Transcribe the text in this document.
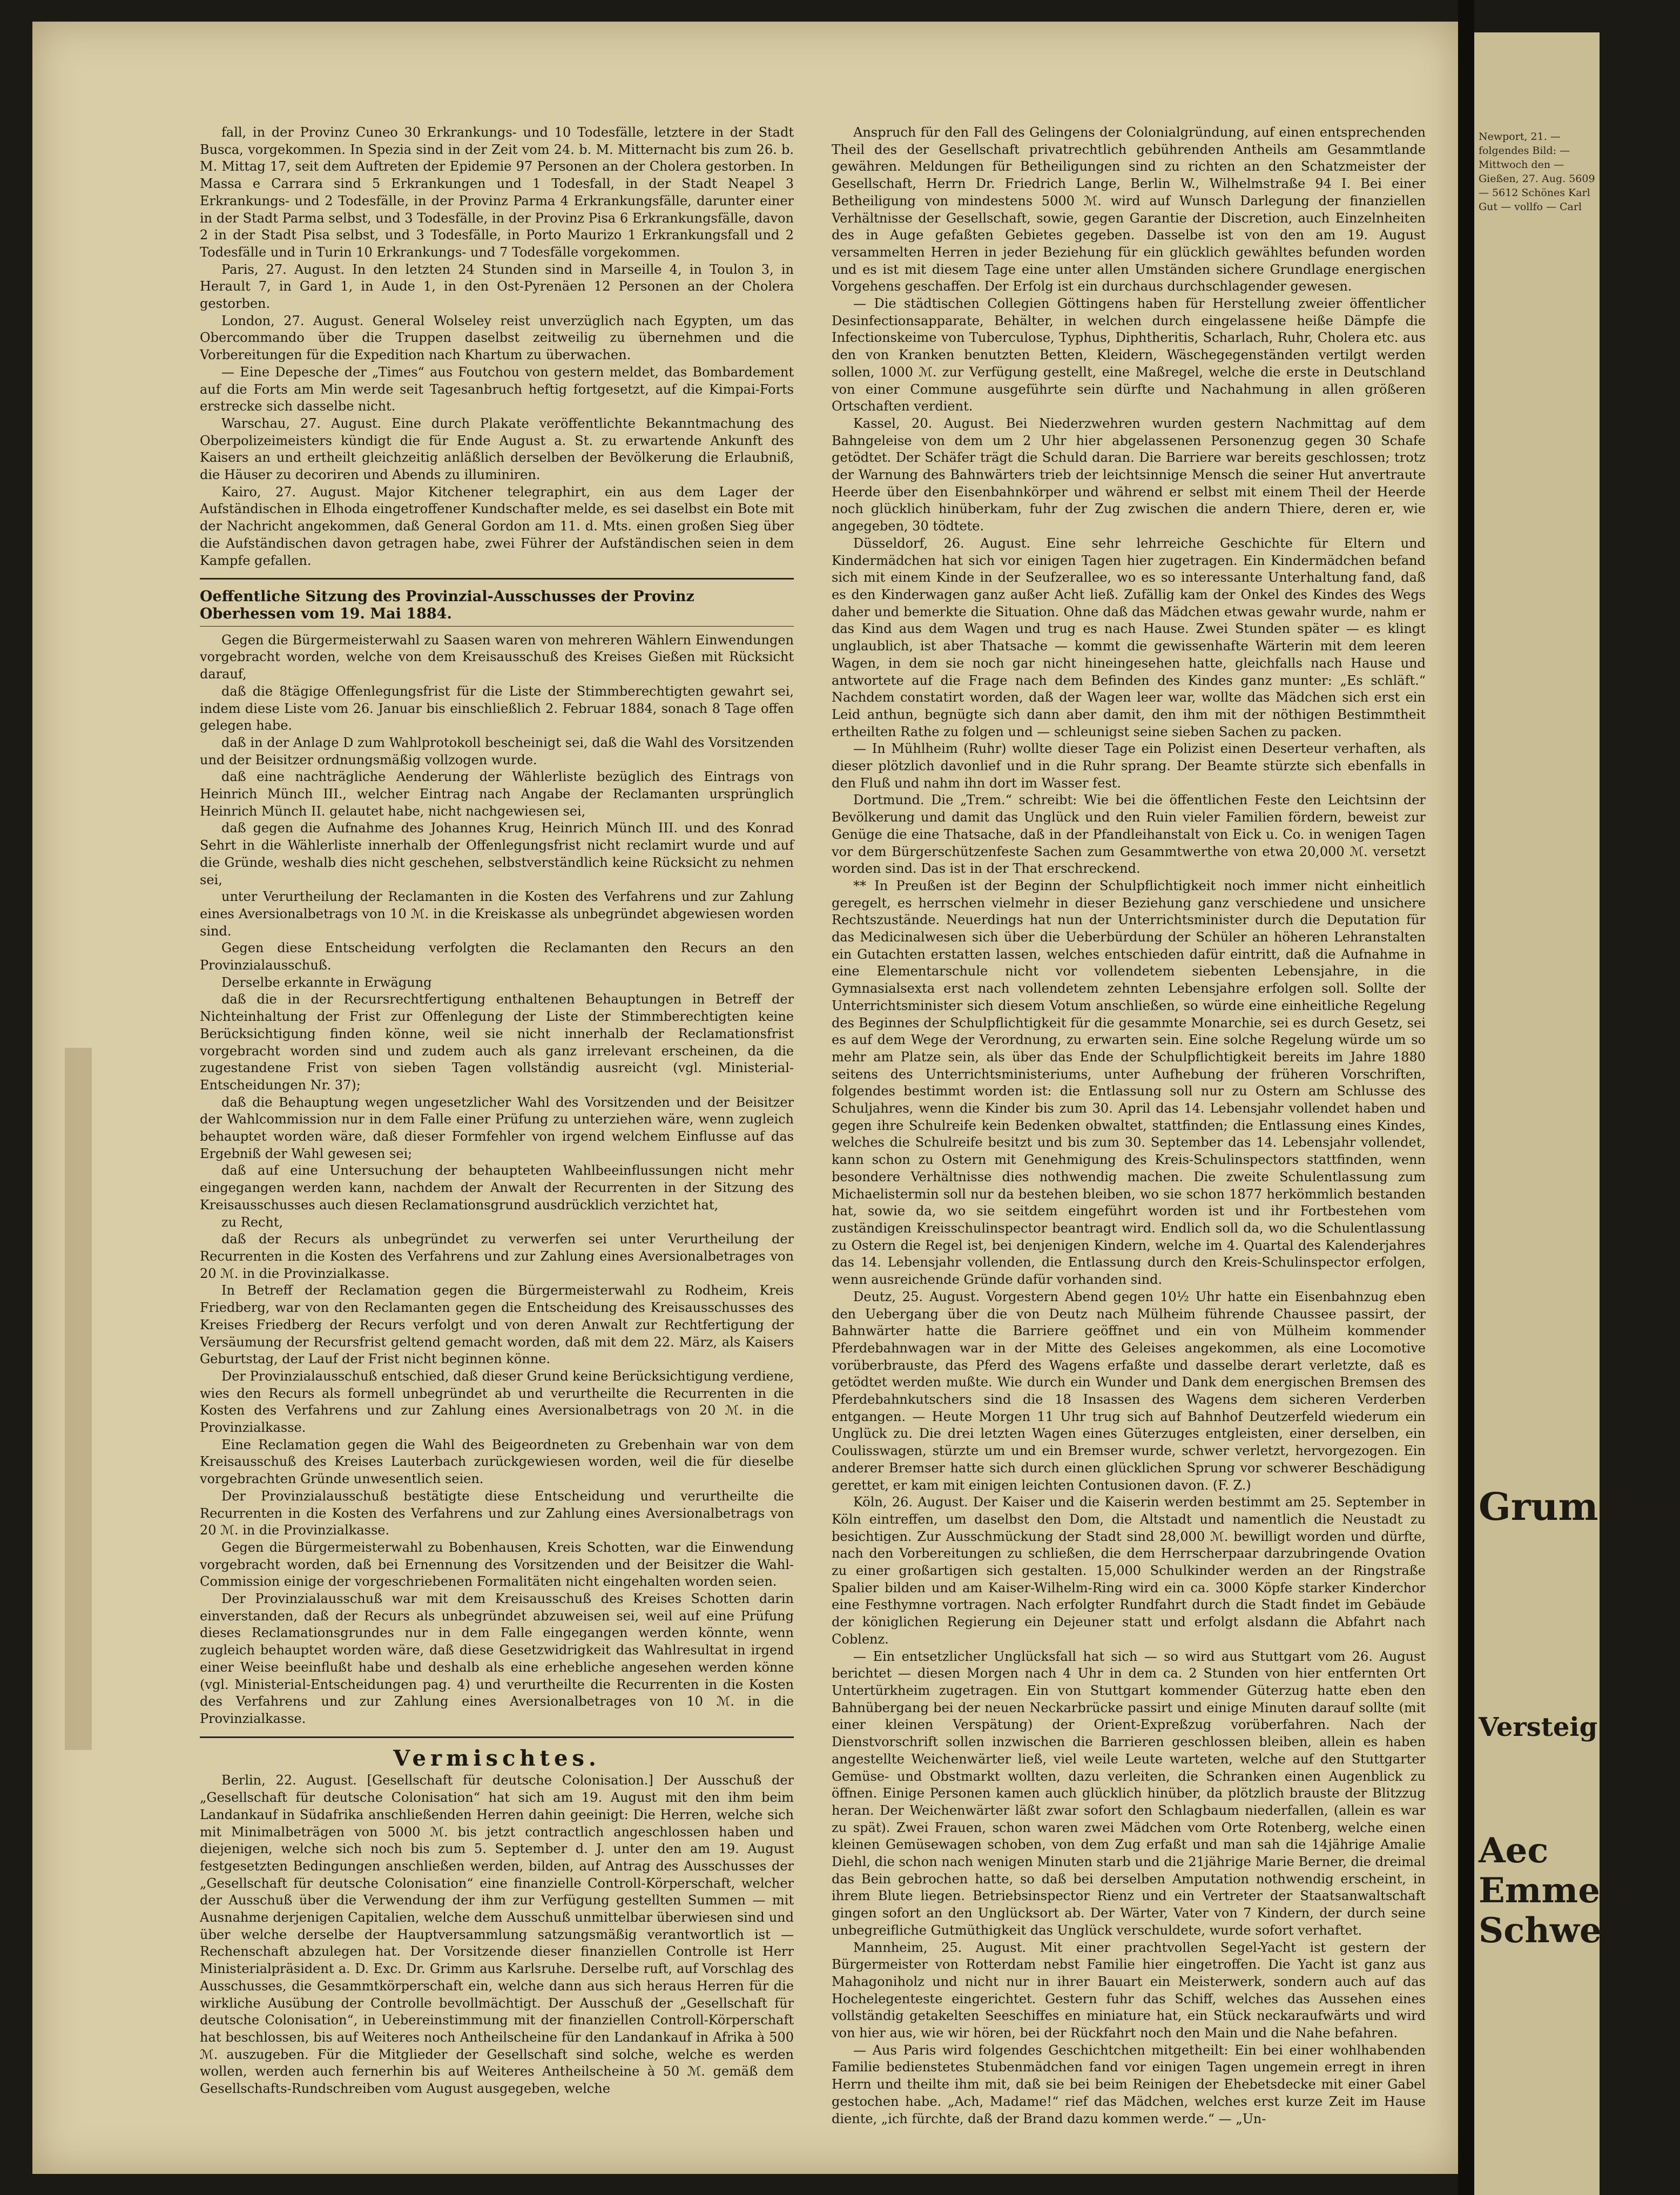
Newport, 21. — folgendes Bild: — Mittwoch den — Gießen, 27. Aug. 5609 — 5612 Schönes Karl Gut — vollfo — Carl
Grummet
Versteig
Aec Emmen Schwei

fall, in der Provinz Cuneo 30 Erkrankungs- und 10 Todesfälle, letztere in der Stadt Busca, vorgekommen. In Spezia sind in der Zeit vom 24. b. M. Mitternacht bis zum 26. b. M. Mittag 17, seit dem Auftreten der Epidemie 97 Personen an der Cholera gestorben. In Massa e Carrara sind 5 Erkrankungen und 1 Todesfall, in der Stadt Neapel 3 Erkrankungs- und 2 Todesfälle, in der Provinz Parma 4 Erkrankungsfälle, darunter einer in der Stadt Parma selbst, und 3 Todesfälle, in der Provinz Pisa 6 Erkrankungsfälle, davon 2 in der Stadt Pisa selbst, und 3 Todesfälle, in Porto Maurizo 1 Erkrankungsfall und 2 Todesfälle und in Turin 10 Erkrankungs- und 7 Todesfälle vorgekommen.

Paris, 27. August. In den letzten 24 Stunden sind in Marseille 4, in Toulon 3, in Herault 7, in Gard 1, in Aude 1, in den Ost-Pyrenäen 12 Personen an der Cholera gestorben.

London, 27. August. General Wolseley reist unverzüglich nach Egypten, um das Obercommando über die Truppen daselbst zeitweilig zu übernehmen und die Vorbereitungen für die Expedition nach Khartum zu überwachen.

— Eine Depesche der „Times“ aus Foutchou von gestern meldet, das Bombardement auf die Forts am Min werde seit Tagesanbruch heftig fortgesetzt, auf die Kimpai-Forts erstrecke sich dasselbe nicht.

Warschau, 27. August. Eine durch Plakate veröffentlichte Bekanntmachung des Oberpolizeimeisters kündigt die für Ende August a. St. zu erwartende Ankunft des Kaisers an und ertheilt gleichzeitig anläßlich derselben der Bevölkerung die Erlaubniß, die Häuser zu decoriren und Abends zu illuminiren.

Kairo, 27. August. Major Kitchener telegraphirt, ein aus dem Lager der Aufständischen in Elhoda eingetroffener Kundschafter melde, es sei daselbst ein Bote mit der Nachricht angekommen, daß General Gordon am 11. d. Mts. einen großen Sieg über die Aufständischen davon getragen habe, zwei Führer der Aufständischen seien in dem Kampfe gefallen.

Oeffentliche Sitzung des Provinzial-Ausschusses der Provinz Oberhessen vom 19. Mai 1884.

Gegen die Bürgermeisterwahl zu Saasen waren von mehreren Wählern Einwendungen vorgebracht worden, welche von dem Kreisausschuß des Kreises Gießen mit Rücksicht darauf,

daß die 8tägige Offenlegungsfrist für die Liste der Stimmberechtigten gewahrt sei, indem diese Liste vom 26. Januar bis einschließlich 2. Februar 1884, sonach 8 Tage offen gelegen habe.

daß in der Anlage D zum Wahlprotokoll bescheinigt sei, daß die Wahl des Vorsitzenden und der Beisitzer ordnungsmäßig vollzogen wurde.

daß eine nachträgliche Aenderung der Wählerliste bezüglich des Eintrags von Heinrich Münch III., welcher Eintrag nach Angabe der Reclamanten ursprünglich Heinrich Münch II. gelautet habe, nicht nachgewiesen sei,

daß gegen die Aufnahme des Johannes Krug, Heinrich Münch III. und des Konrad Sehrt in die Wählerliste innerhalb der Offenlegungsfrist nicht reclamirt wurde und auf die Gründe, weshalb dies nicht geschehen, selbstverständlich keine Rücksicht zu nehmen sei,

unter Verurtheilung der Reclamanten in die Kosten des Verfahrens und zur Zahlung eines Aversionalbetrags von 10 ℳ. in die Kreiskasse als unbegründet abgewiesen worden sind.

Gegen diese Entscheidung verfolgten die Reclamanten den Recurs an den Provinzialausschuß.

Derselbe erkannte in Erwägung

daß die in der Recursrechtfertigung enthaltenen Behauptungen in Betreff der Nichteinhaltung der Frist zur Offenlegung der Liste der Stimmberechtigten keine Berücksichtigung finden könne, weil sie nicht innerhalb der Reclamationsfrist vorgebracht worden sind und zudem auch als ganz irrelevant erscheinen, da die zugestandene Frist von sieben Tagen vollständig ausreicht (vgl. Ministerial-Entscheidungen Nr. 37);

daß die Behauptung wegen ungesetzlicher Wahl des Vorsitzenden und der Beisitzer der Wahlcommission nur in dem Falle einer Prüfung zu unterziehen wäre, wenn zugleich behauptet worden wäre, daß dieser Formfehler von irgend welchem Einflusse auf das Ergebniß der Wahl gewesen sei;

daß auf eine Untersuchung der behaupteten Wahlbeeinflussungen nicht mehr eingegangen werden kann, nachdem der Anwalt der Recurrenten in der Sitzung des Kreisausschusses auch diesen Reclamationsgrund ausdrücklich verzichtet hat,

zu Recht,

daß der Recurs als unbegründet zu verwerfen sei unter Verurtheilung der Recurrenten in die Kosten des Verfahrens und zur Zahlung eines Aversionalbetrages von 20 ℳ. in die Provinzialkasse.

In Betreff der Reclamation gegen die Bürgermeisterwahl zu Rodheim, Kreis Friedberg, war von den Reclamanten gegen die Entscheidung des Kreisausschusses des Kreises Friedberg der Recurs verfolgt und von deren Anwalt zur Rechtfertigung der Versäumung der Recursfrist geltend gemacht worden, daß mit dem 22. März, als Kaisers Geburtstag, der Lauf der Frist nicht beginnen könne.

Der Provinzialausschuß entschied, daß dieser Grund keine Berücksichtigung verdiene, wies den Recurs als formell unbegründet ab und verurtheilte die Recurrenten in die Kosten des Verfahrens und zur Zahlung eines Aversionalbetrags von 20 ℳ. in die Provinzialkasse.

Eine Reclamation gegen die Wahl des Beigeordneten zu Grebenhain war von dem Kreisausschuß des Kreises Lauterbach zurückgewiesen worden, weil die für dieselbe vorgebrachten Gründe unwesentlich seien.

Der Provinzialausschuß bestätigte diese Entscheidung und verurtheilte die Recurrenten in die Kosten des Verfahrens und zur Zahlung eines Aversionalbetrags von 20 ℳ. in die Provinzialkasse.

Gegen die Bürgermeisterwahl zu Bobenhausen, Kreis Schotten, war die Einwendung vorgebracht worden, daß bei Ernennung des Vorsitzenden und der Beisitzer die Wahl-Commission einige der vorgeschriebenen Formalitäten nicht eingehalten worden seien.

Der Provinzialausschuß war mit dem Kreisausschuß des Kreises Schotten darin einverstanden, daß der Recurs als unbegründet abzuweisen sei, weil auf eine Prüfung dieses Reclamationsgrundes nur in dem Falle eingegangen werden könnte, wenn zugleich behauptet worden wäre, daß diese Gesetzwidrigkeit das Wahlresultat in irgend einer Weise beeinflußt habe und deshalb als eine erhebliche angesehen werden könne (vgl. Ministerial-Entscheidungen pag. 4) und verurtheilte die Recurrenten in die Kosten des Verfahrens und zur Zahlung eines Aversionalbetrages von 10 ℳ. in die Provinzialkasse.

Vermischtes.

Berlin, 22. August. [Gesellschaft für deutsche Colonisation.] Der Ausschuß der „Gesellschaft für deutsche Colonisation“ hat sich am 19. August mit den ihm beim Landankauf in Südafrika anschließenden Herren dahin geeinigt: Die Herren, welche sich mit Minimalbeträgen von 5000 ℳ. bis jetzt contractlich angeschlossen haben und diejenigen, welche sich noch bis zum 5. September d. J. unter den am 19. August festgesetzten Bedingungen anschließen werden, bilden, auf Antrag des Ausschusses der „Gesellschaft für deutsche Colonisation“ eine finanzielle Controll-Körperschaft, welcher der Ausschuß über die Verwendung der ihm zur Verfügung gestellten Summen — mit Ausnahme derjenigen Capitalien, welche dem Ausschuß unmittelbar überwiesen sind und über welche derselbe der Hauptversammlung satzungsmäßig verantwortlich ist — Rechenschaft abzulegen hat. Der Vorsitzende dieser finanziellen Controlle ist Herr Ministerialpräsident a. D. Exc. Dr. Grimm aus Karlsruhe. Derselbe ruft, auf Vorschlag des Ausschusses, die Gesammtkörperschaft ein, welche dann aus sich heraus Herren für die wirkliche Ausübung der Controlle bevollmächtigt. Der Ausschuß der „Gesellschaft für deutsche Colonisation“, in Uebereinstimmung mit der finanziellen Controll-Körperschaft hat beschlossen, bis auf Weiteres noch Antheilscheine für den Landankauf in Afrika à 500 ℳ. auszugeben. Für die Mitglieder der Gesellschaft sind solche, welche es werden wollen, werden auch fernerhin bis auf Weiteres Antheilscheine à 50 ℳ. gemäß dem Gesellschafts-Rundschreiben vom August ausgegeben, welche

Anspruch für den Fall des Gelingens der Colonialgründung, auf einen entsprechenden Theil des der Gesellschaft privatrechtlich gebührenden Antheils am Gesammtlande gewähren. Meldungen für Betheiligungen sind zu richten an den Schatzmeister der Gesellschaft, Herrn Dr. Friedrich Lange, Berlin W., Wilhelmstraße 94 I. Bei einer Betheiligung von mindestens 5000 ℳ. wird auf Wunsch Darlegung der finanziellen Verhältnisse der Gesellschaft, sowie, gegen Garantie der Discretion, auch Einzelnheiten des in Auge gefaßten Gebietes gegeben. Dasselbe ist von den am 19. August versammelten Herren in jeder Beziehung für ein glücklich gewähltes befunden worden und es ist mit diesem Tage eine unter allen Umständen sichere Grundlage energischen Vorgehens geschaffen. Der Erfolg ist ein durchaus durchschlagender gewesen.

— Die städtischen Collegien Göttingens haben für Herstellung zweier öffentlicher Desinfectionsapparate, Behälter, in welchen durch eingelassene heiße Dämpfe die Infectionskeime von Tuberculose, Typhus, Diphtheritis, Scharlach, Ruhr, Cholera etc. aus den von Kranken benutzten Betten, Kleidern, Wäschegegenständen vertilgt werden sollen, 1000 ℳ. zur Verfügung gestellt, eine Maßregel, welche die erste in Deutschland von einer Commune ausgeführte sein dürfte und Nachahmung in allen größeren Ortschaften verdient.

Kassel, 20. August. Bei Niederzwehren wurden gestern Nachmittag auf dem Bahngeleise von dem um 2 Uhr hier abgelassenen Personenzug gegen 30 Schafe getödtet. Der Schäfer trägt die Schuld daran. Die Barriere war bereits geschlossen; trotz der Warnung des Bahnwärters trieb der leichtsinnige Mensch die seiner Hut anvertraute Heerde über den Eisenbahnkörper und während er selbst mit einem Theil der Heerde noch glücklich hinüberkam, fuhr der Zug zwischen die andern Thiere, deren er, wie angegeben, 30 tödtete.

Düsseldorf, 26. August. Eine sehr lehrreiche Geschichte für Eltern und Kindermädchen hat sich vor einigen Tagen hier zugetragen. Ein Kindermädchen befand sich mit einem Kinde in der Seufzerallee, wo es so interessante Unterhaltung fand, daß es den Kinderwagen ganz außer Acht ließ. Zufällig kam der Onkel des Kindes des Wegs daher und bemerkte die Situation. Ohne daß das Mädchen etwas gewahr wurde, nahm er das Kind aus dem Wagen und trug es nach Hause. Zwei Stunden später — es klingt unglaublich, ist aber Thatsache — kommt die gewissenhafte Wärterin mit dem leeren Wagen, in dem sie noch gar nicht hineingesehen hatte, gleichfalls nach Hause und antwortete auf die Frage nach dem Befinden des Kindes ganz munter: „Es schläft.“ Nachdem constatirt worden, daß der Wagen leer war, wollte das Mädchen sich erst ein Leid anthun, begnügte sich dann aber damit, den ihm mit der nöthigen Bestimmtheit ertheilten Rathe zu folgen und — schleunigst seine sieben Sachen zu packen.

— In Mühlheim (Ruhr) wollte dieser Tage ein Polizist einen Deserteur verhaften, als dieser plötzlich davonlief und in die Ruhr sprang. Der Beamte stürzte sich ebenfalls in den Fluß und nahm ihn dort im Wasser fest.

Dortmund. Die „Trem.“ schreibt: Wie bei die öffentlichen Feste den Leichtsinn der Bevölkerung und damit das Unglück und den Ruin vieler Familien fördern, beweist zur Genüge die eine Thatsache, daß in der Pfandleihanstalt von Eick u. Co. in wenigen Tagen vor dem Bürgerschützenfeste Sachen zum Gesammtwerthe von etwa 20,000 ℳ. versetzt worden sind. Das ist in der That erschreckend.

** In Preußen ist der Beginn der Schulpflichtigkeit noch immer nicht einheitlich geregelt, es herrschen vielmehr in dieser Beziehung ganz verschiedene und unsichere Rechtszustände. Neuerdings hat nun der Unterrichtsminister durch die Deputation für das Medicinalwesen sich über die Ueberbürdung der Schüler an höheren Lehranstalten ein Gutachten erstatten lassen, welches entschieden dafür eintritt, daß die Aufnahme in eine Elementarschule nicht vor vollendetem siebenten Lebensjahre, in die Gymnasialsexta erst nach vollendetem zehnten Lebensjahre erfolgen soll. Sollte der Unterrichtsminister sich diesem Votum anschließen, so würde eine einheitliche Regelung des Beginnes der Schulpflichtigkeit für die gesammte Monarchie, sei es durch Gesetz, sei es auf dem Wege der Verordnung, zu erwarten sein. Eine solche Regelung würde um so mehr am Platze sein, als über das Ende der Schulpflichtigkeit bereits im Jahre 1880 seitens des Unterrichtsministeriums, unter Aufhebung der früheren Vorschriften, folgendes bestimmt worden ist: die Entlassung soll nur zu Ostern am Schlusse des Schuljahres, wenn die Kinder bis zum 30. April das 14. Lebensjahr vollendet haben und gegen ihre Schulreife kein Bedenken obwaltet, stattfinden; die Entlassung eines Kindes, welches die Schulreife besitzt und bis zum 30. September das 14. Lebensjahr vollendet, kann schon zu Ostern mit Genehmigung des Kreis-Schulinspectors stattfinden, wenn besondere Verhältnisse dies nothwendig machen. Die zweite Schulentlassung zum Michaelistermin soll nur da bestehen bleiben, wo sie schon 1877 herkömmlich bestanden hat, sowie da, wo sie seitdem eingeführt worden ist und ihr Fortbestehen vom zuständigen Kreisschulinspector beantragt wird. Endlich soll da, wo die Schulentlassung zu Ostern die Regel ist, bei denjenigen Kindern, welche im 4. Quartal des Kalenderjahres das 14. Lebensjahr vollenden, die Entlassung durch den Kreis-Schulinspector erfolgen, wenn ausreichende Gründe dafür vorhanden sind.

Deutz, 25. August. Vorgestern Abend gegen 10½ Uhr hatte ein Eisenbahnzug eben den Uebergang über die von Deutz nach Mülheim führende Chaussee passirt, der Bahnwärter hatte die Barriere geöffnet und ein von Mülheim kommender Pferdebahnwagen war in der Mitte des Geleises angekommen, als eine Locomotive vorüberbrauste, das Pferd des Wagens erfaßte und dasselbe derart verletzte, daß es getödtet werden mußte. Wie durch ein Wunder und Dank dem energischen Bremsen des Pferdebahnkutschers sind die 18 Insassen des Wagens dem sicheren Verderben entgangen. — Heute Morgen 11 Uhr trug sich auf Bahnhof Deutzerfeld wiederum ein Unglück zu. Die drei letzten Wagen eines Güterzuges entgleisten, einer derselben, ein Coulisswagen, stürzte um und ein Bremser wurde, schwer verletzt, hervorgezogen. Ein anderer Bremser hatte sich durch einen glücklichen Sprung vor schwerer Beschädigung gerettet, er kam mit einigen leichten Contusionen davon. (F. Z.)

Köln, 26. August. Der Kaiser und die Kaiserin werden bestimmt am 25. September in Köln eintreffen, um daselbst den Dom, die Altstadt und namentlich die Neustadt zu besichtigen. Zur Ausschmückung der Stadt sind 28,000 ℳ. bewilligt worden und dürfte, nach den Vorbereitungen zu schließen, die dem Herrscherpaar darzubringende Ovation zu einer großartigen sich gestalten. 15,000 Schulkinder werden an der Ringstraße Spalier bilden und am Kaiser-Wilhelm-Ring wird ein ca. 3000 Köpfe starker Kinderchor eine Festhymne vortragen. Nach erfolgter Rundfahrt durch die Stadt findet im Gebäude der königlichen Regierung ein Dejeuner statt und erfolgt alsdann die Abfahrt nach Coblenz.

— Ein entsetzlicher Unglücksfall hat sich — so wird aus Stuttgart vom 26. August berichtet — diesen Morgen nach 4 Uhr in dem ca. 2 Stunden von hier entfernten Ort Untertürkheim zugetragen. Ein von Stuttgart kommender Güterzug hatte eben den Bahnübergang bei der neuen Neckarbrücke passirt und einige Minuten darauf sollte (mit einer kleinen Verspätung) der Orient-Expreßzug vorüberfahren. Nach der Dienstvorschrift sollen inzwischen die Barrieren geschlossen bleiben, allein es haben angestellte Weichenwärter ließ, viel weile Leute warteten, welche auf den Stuttgarter Gemüse- und Obstmarkt wollten, dazu verleiten, die Schranken einen Augenblick zu öffnen. Einige Personen kamen auch glücklich hinüber, da plötzlich brauste der Blitzzug heran. Der Weichenwärter läßt zwar sofort den Schlagbaum niederfallen, (allein es war zu spät). Zwei Frauen, schon waren zwei Mädchen vom Orte Rotenberg, welche einen kleinen Gemüsewagen schoben, von dem Zug erfaßt und man sah die 14jährige Amalie Diehl, die schon nach wenigen Minuten starb und die 21jährige Marie Berner, die dreimal das Bein gebrochen hatte, so daß bei derselben Amputation nothwendig erscheint, in ihrem Blute liegen. Betriebsinspector Rienz und ein Vertreter der Staatsanwaltschaft gingen sofort an den Unglücksort ab. Der Wärter, Vater von 7 Kindern, der durch seine unbegreifliche Gutmüthigkeit das Unglück verschuldete, wurde sofort verhaftet.

Mannheim, 25. August. Mit einer prachtvollen Segel-Yacht ist gestern der Bürgermeister von Rotterdam nebst Familie hier eingetroffen. Die Yacht ist ganz aus Mahagoniholz und nicht nur in ihrer Bauart ein Meisterwerk, sondern auch auf das Hochelegenteste eingerichtet. Gestern fuhr das Schiff, welches das Aussehen eines vollständig getakelten Seeschiffes en miniature hat, ein Stück neckaraufwärts und wird von hier aus, wie wir hören, bei der Rückfahrt noch den Main und die Nahe befahren.

— Aus Paris wird folgendes Geschichtchen mitgetheilt: Ein bei einer wohlhabenden Familie bedienstetes Stubenmädchen fand vor einigen Tagen ungemein erregt in ihren Herrn und theilte ihm mit, daß sie bei beim Reinigen der Ehebetsdecke mit einer Gabel gestochen habe. „Ach, Madame!“ rief das Mädchen, welches erst kurze Zeit im Hause diente, „ich fürchte, daß der Brand dazu kommen werde.“ — „Un-
